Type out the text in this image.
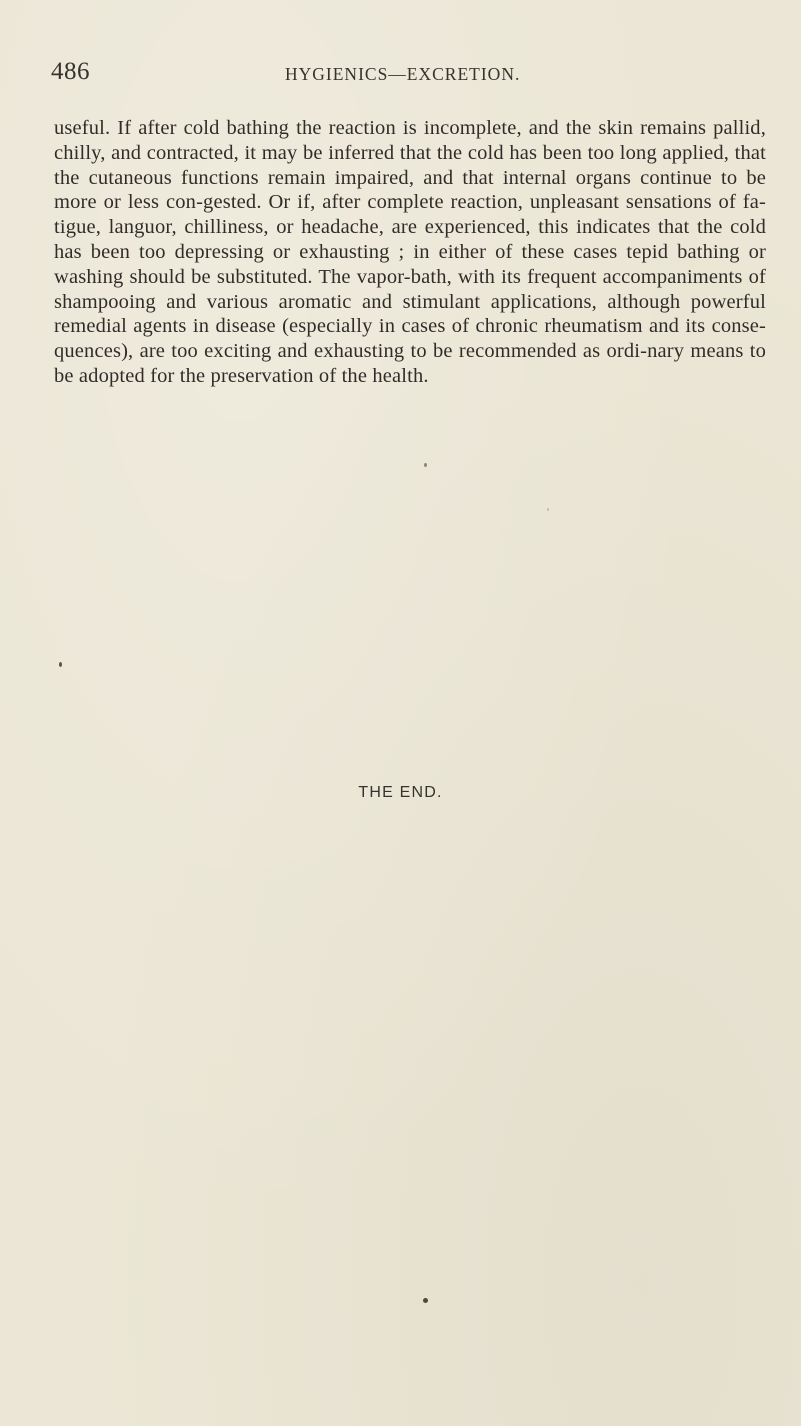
486	HYGIENICS—EXCRETION.

useful. If after cold bathing the reaction is incomplete, and the skin remains pallid, chilly, and contracted, it may be inferred that the cold has been too long applied, that the cutaneous functions remain impaired, and that internal organs continue to be more or less con-gested. Or if, after complete reaction, unpleasant sensations of fa-tigue, languor, chilliness, or headache, are experienced, this indicates that the cold has been too depressing or exhausting ; in either of these cases tepid bathing or washing should be substituted. The vapor-bath, with its frequent accompaniments of shampooing and various aromatic and stimulant applications, although powerful remedial agents in disease (especially in cases of chronic rheumatism and its conse-quences), are too exciting and exhausting to be recommended as ordi-nary means to be adopted for the preservation of the health.

THE END.
